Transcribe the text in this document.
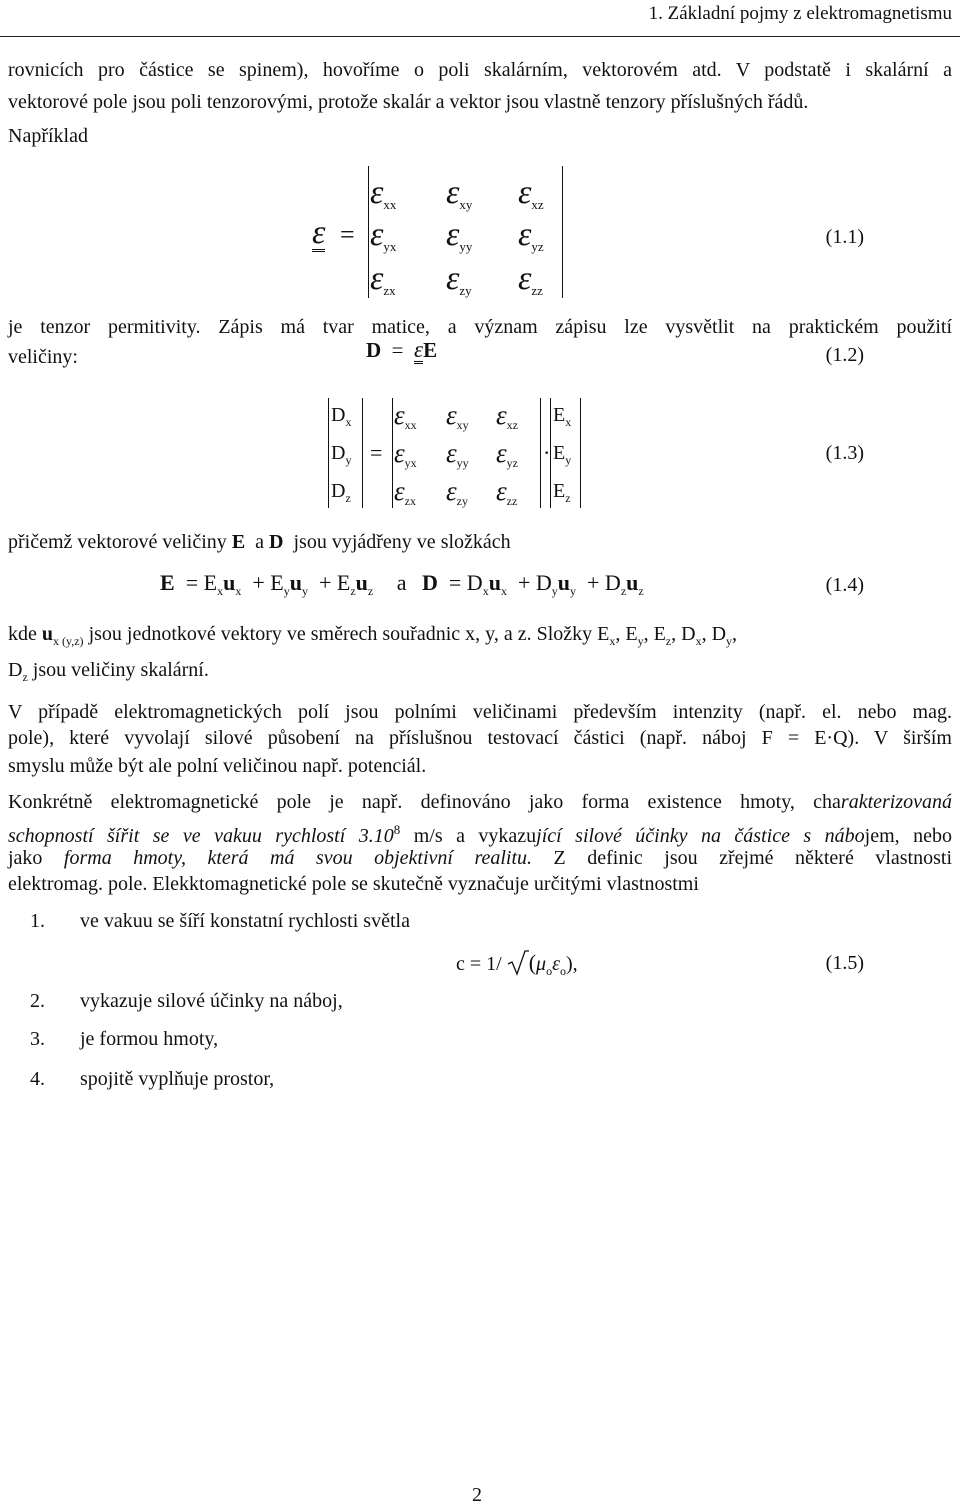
1. Základní pojmy z elektromagnetismu
rovnicích pro částice se spinem), hovoříme o poli skalárním, vektorovém atd. V podstatě i skalární a
vektorové pole jsou poli tenzorovými, protože skalár a vektor jsou vlastně tenzory příslušných řádů.
Například
ε =
$\varepsilon_{xx}$ $\varepsilon_{xy}$ $\varepsilon_{xz}$
$\varepsilon_{yx}$ $\varepsilon_{yy}$ $\varepsilon_{yz}$
$\varepsilon_{zx}$ $\varepsilon_{zy}$ $\varepsilon_{zz}$
(1.1)
je tenzor permitivity. Zápis má tvar matice, a význam zápisu lze vysvětlit na praktickém použití
veličiny:	D  =  εE	(1.2)
$D_x$
$D_y$
$D_z$
=
$\varepsilon_{xx}$ $\varepsilon_{xy}$ $\varepsilon_{xz}$
$\varepsilon_{yx}$ $\varepsilon_{yy}$ $\varepsilon_{yz}$
$\varepsilon_{zx}$ $\varepsilon_{zy}$ $\varepsilon_{zz}$
·
$E_x$
$E_y$
$E_z$
(1.3)
přičemž vektorové veličiny E a D jsou vyjádřeny ve složkách
$E = E_xu_x + E_yu_y + E_zu_z$ a $D = D_xu_x + D_yu_y + D_zu_z$	(1.4)
kde $u_{x (y,z)}$ jsou jednotkové vektory ve směrech souřadnic x, y, a z. Složky $E_x$, $E_y$, $E_z$, $D_x$, $D_y$,
$D_z$ jsou veličiny skalární.
V případě elektromagnetických polí jsou polními veličinami především intenzity (např. el. nebo mag.
pole), které vyvolají silové působení na příslušnou testovací částici (např. náboj F = E·Q). V širším
smyslu může být ale polní veličinou např. potenciál.
Konkrétně elektromagnetické pole je např. definováno jako forma existence hmoty, charakterizovaná
schopností šířit se ve vakuu rychlostí 3.10$^8$ m/s a vykazující silové účinky na částice s nábojem, nebo
jako forma hmoty, která má svou objektivní realitu. Z definic jsou zřejmé některé vlastnosti
elektromag. pole. Elekktomagnetické pole se skutečně vyznačuje určitými vlastnostmi
1. ve vakuu se šíří konstatní rychlosti světla
2. vykazuje silové účinky na náboj,
3. je formou hmoty,
4. spojitě vyplňuje prostor,
c = 1/ $(\mu_o\varepsilon_o)$,	(1.5)
2
